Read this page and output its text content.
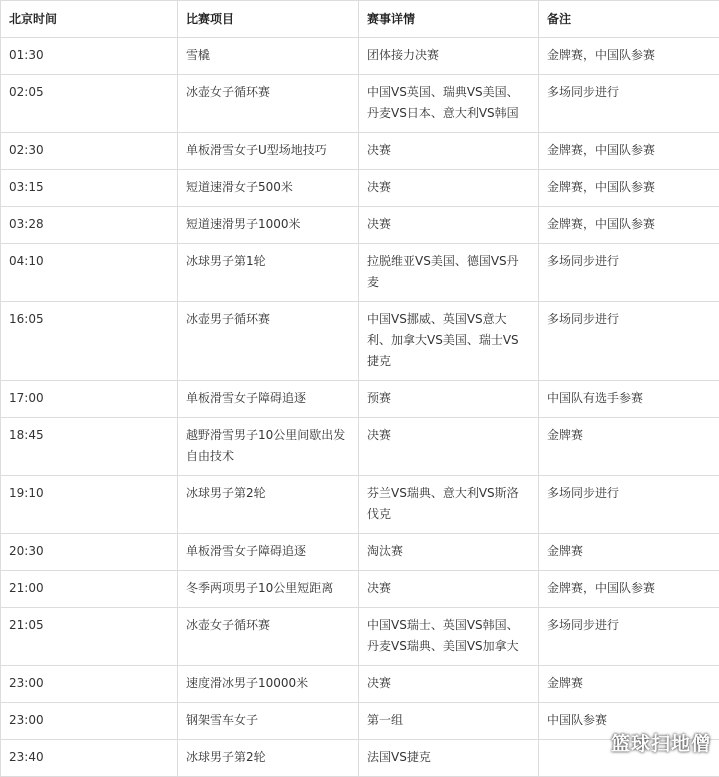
北京时间	比赛项目	赛事详情	备注
01:30	雪橇	团体接力决赛	金牌赛，中国队参赛
02:05	冰壶女子循环赛	中国VS英国、瑞典VS美国、丹麦VS日本、意大利VS韩国	多场同步进行
02:30	单板滑雪女子U型场地技巧	决赛	金牌赛，中国队参赛
03:15	短道速滑女子500米	决赛	金牌赛，中国队参赛
03:28	短道速滑男子1000米	决赛	金牌赛，中国队参赛
04:10	冰球男子第1轮	拉脱维亚VS美国、德国VS丹麦	多场同步进行
16:05	冰壶男子循环赛	中国VS挪威、英国VS意大利、加拿大VS美国、瑞士VS捷克	多场同步进行
17:00	单板滑雪女子障碍追逐	预赛	中国队有选手参赛
18:45	越野滑雪男子10公里间歇出发自由技术	决赛	金牌赛
19:10	冰球男子第2轮	芬兰VS瑞典、意大利VS斯洛伐克	多场同步进行
20:30	单板滑雪女子障碍追逐	淘汰赛	金牌赛
21:00	冬季两项男子10公里短距离	决赛	金牌赛，中国队参赛
21:05	冰壶女子循环赛	中国VS瑞士、英国VS韩国、丹麦VS瑞典、美国VS加拿大	多场同步进行
23:00	速度滑冰男子10000米	决赛	金牌赛
23:00	钢架雪车女子	第一组	中国队参赛
23:40	冰球男子第2轮	法国VS捷克	
篮球扫地僧
